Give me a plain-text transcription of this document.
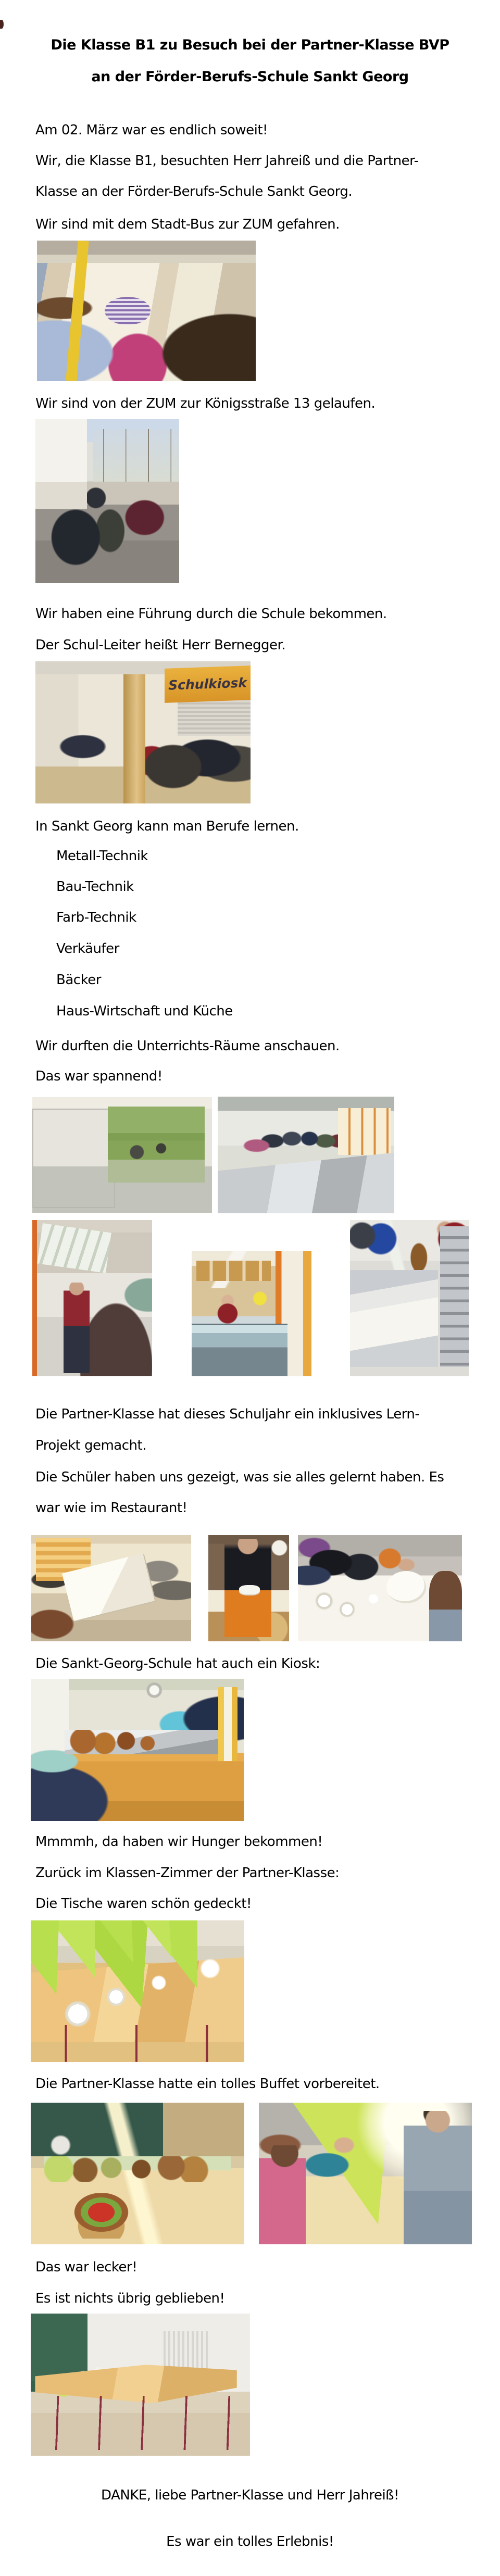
Die Klasse B1 zu Besuch bei der Partner-Klasse BVP
an der Förder-Berufs-Schule Sankt Georg
Am 02. März war es endlich soweit!
Wir, die Klasse B1, besuchten Herr Jahreiß und die Partner-
Klasse an der Förder-Berufs-Schule Sankt Georg.
Wir sind mit dem Stadt-Bus zur ZUM gefahren.
Wir sind von der ZUM zur Königsstraße 13 gelaufen.
Wir haben eine Führung durch die Schule bekommen.
Der Schul-Leiter heißt Herr Bernegger.
Schulkiosk
In Sankt Georg kann man Berufe lernen.
Metall-Technik
Bau-Technik
Farb-Technik
Verkäufer
Bäcker
Haus-Wirtschaft und Küche
Wir durften die Unterrichts-Räume anschauen.
Das war spannend!
Die Partner-Klasse hat dieses Schuljahr ein inklusives Lern-
Projekt gemacht.
Die Schüler haben uns gezeigt, was sie alles gelernt haben. Es
war wie im Restaurant!
Die Sankt-Georg-Schule hat auch ein Kiosk:
Mmmmh, da haben wir Hunger bekommen!
Zurück im Klassen-Zimmer der Partner-Klasse:
Die Tische waren schön gedeckt!
Die Partner-Klasse hatte ein tolles Buffet vorbereitet.
Das war lecker!
Es ist nichts übrig geblieben!
DANKE, liebe Partner-Klasse und Herr Jahreiß!
Es war ein tolles Erlebnis!
